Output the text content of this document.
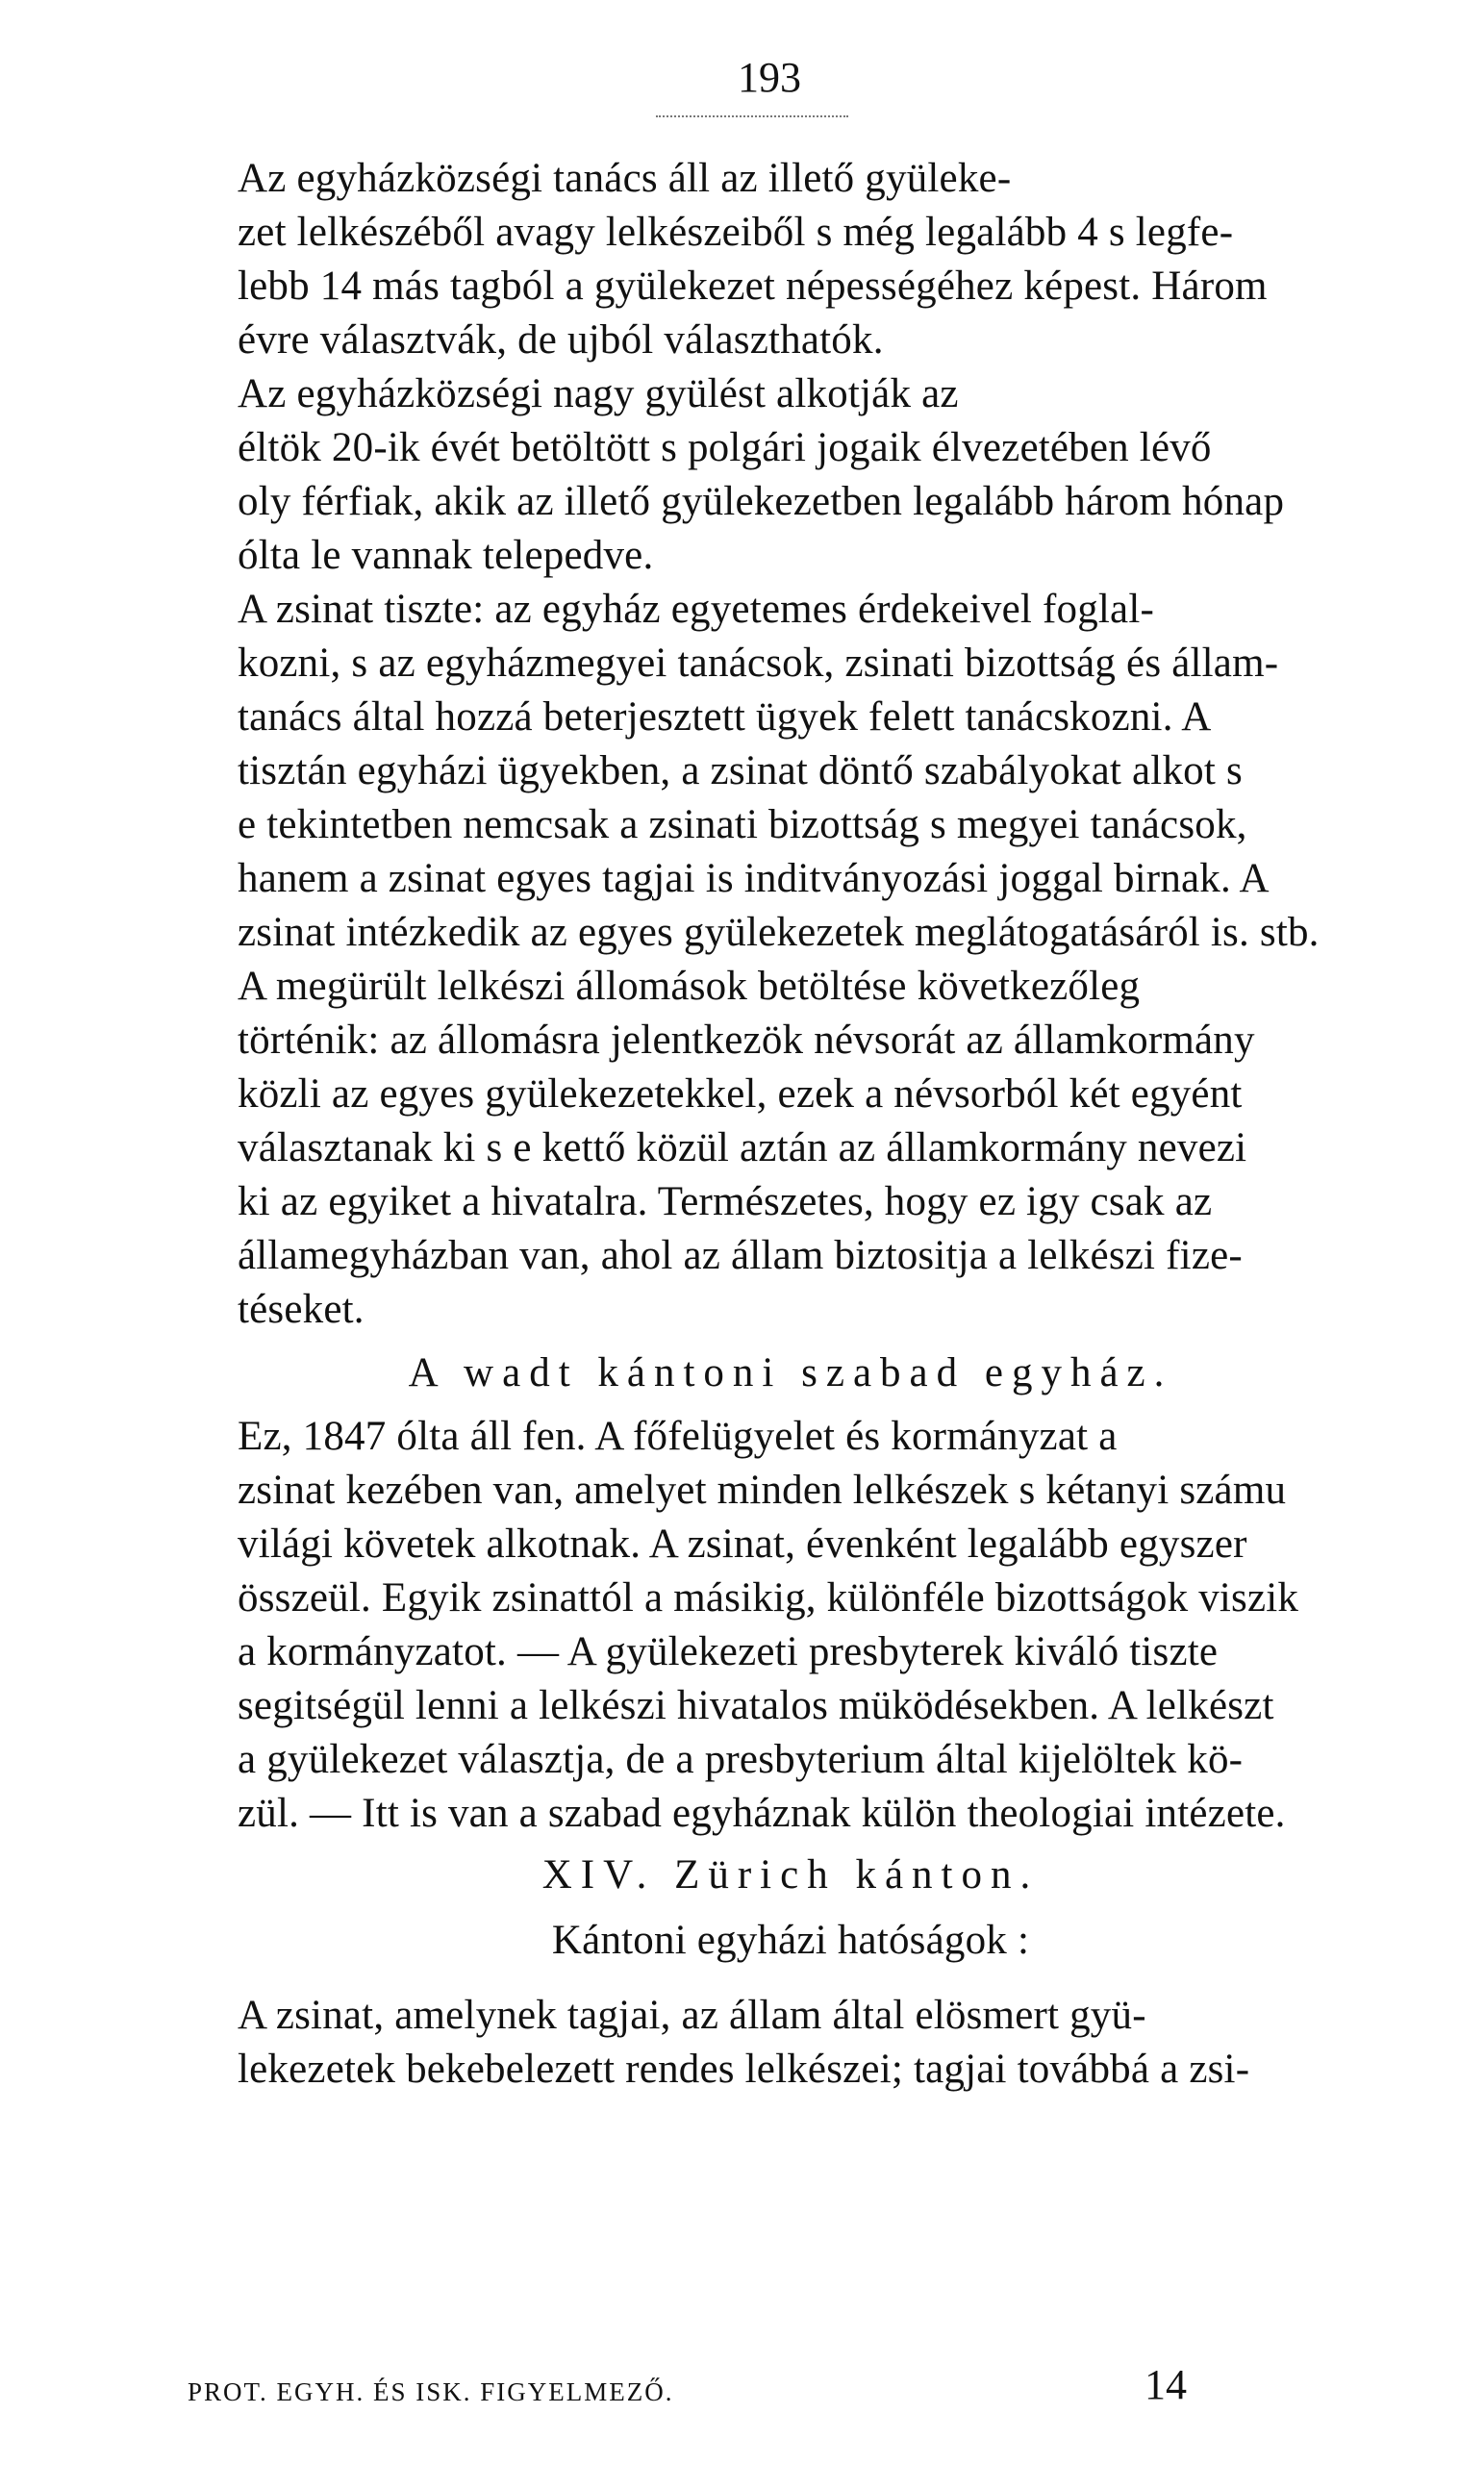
193
Az egyházközségi tanács áll az illető gyüleke-
zet lelkészéből avagy lelkészeiből s még legalább 4 s legfe-
lebb 14 más tagból a gyülekezet népességéhez képest. Három
évre választvák, de ujból választhatók.
Az egyházközségi nagy gyülést alkotják az
éltök 20-ik évét betöltött s polgári jogaik élvezetében lévő
oly férfiak, akik az illető gyülekezetben legalább három hónap
ólta le vannak telepedve.
A zsinat tiszte: az egyház egyetemes érdekeivel foglal-
kozni, s az egyházmegyei tanácsok, zsinati bizottság és állam-
tanács által hozzá beterjesztett ügyek felett tanácskozni. A
tisztán egyházi ügyekben, a zsinat döntő szabályokat alkot s
e tekintetben nemcsak a zsinati bizottság s megyei tanácsok,
hanem a zsinat egyes tagjai is inditványozási joggal birnak. A
zsinat intézkedik az egyes gyülekezetek meglátogatásáról is. stb.
A megürült lelkészi állomások betöltése következőleg
történik: az állomásra jelentkezök névsorát az államkormány
közli az egyes gyülekezetekkel, ezek a névsorból két egyént
választanak ki s e kettő közül aztán az államkormány nevezi
ki az egyiket a hivatalra. Természetes, hogy ez igy csak az
államegyházban van, ahol az állam biztositja a lelkészi fize-
téseket.
A wadt kántoni szabad egyház.
Ez, 1847 ólta áll fen. A főfelügyelet és kormányzat a
zsinat kezében van, amelyet minden lelkészek s kétanyi számu
világi követek alkotnak. A zsinat, évenként legalább egyszer
összeül. Egyik zsinattól a másikig, különféle bizottságok viszik
a kormányzatot. — A gyülekezeti presbyterek kiváló tiszte
segitségül lenni a lelkészi hivatalos müködésekben. A lelkészt
a gyülekezet választja, de a presbyterium által kijelöltek kö-
zül. — Itt is van a szabad egyháznak külön theologiai intézete.
XIV. Zürich kánton.
Kántoni egyházi hatóságok :
A zsinat, amelynek tagjai, az állam által elösmert gyü-
lekezetek bekebelezett rendes lelkészei; tagjai továbbá a zsi-
PROT. EGYH. ÉS ISK. FIGYELMEZŐ.	14
